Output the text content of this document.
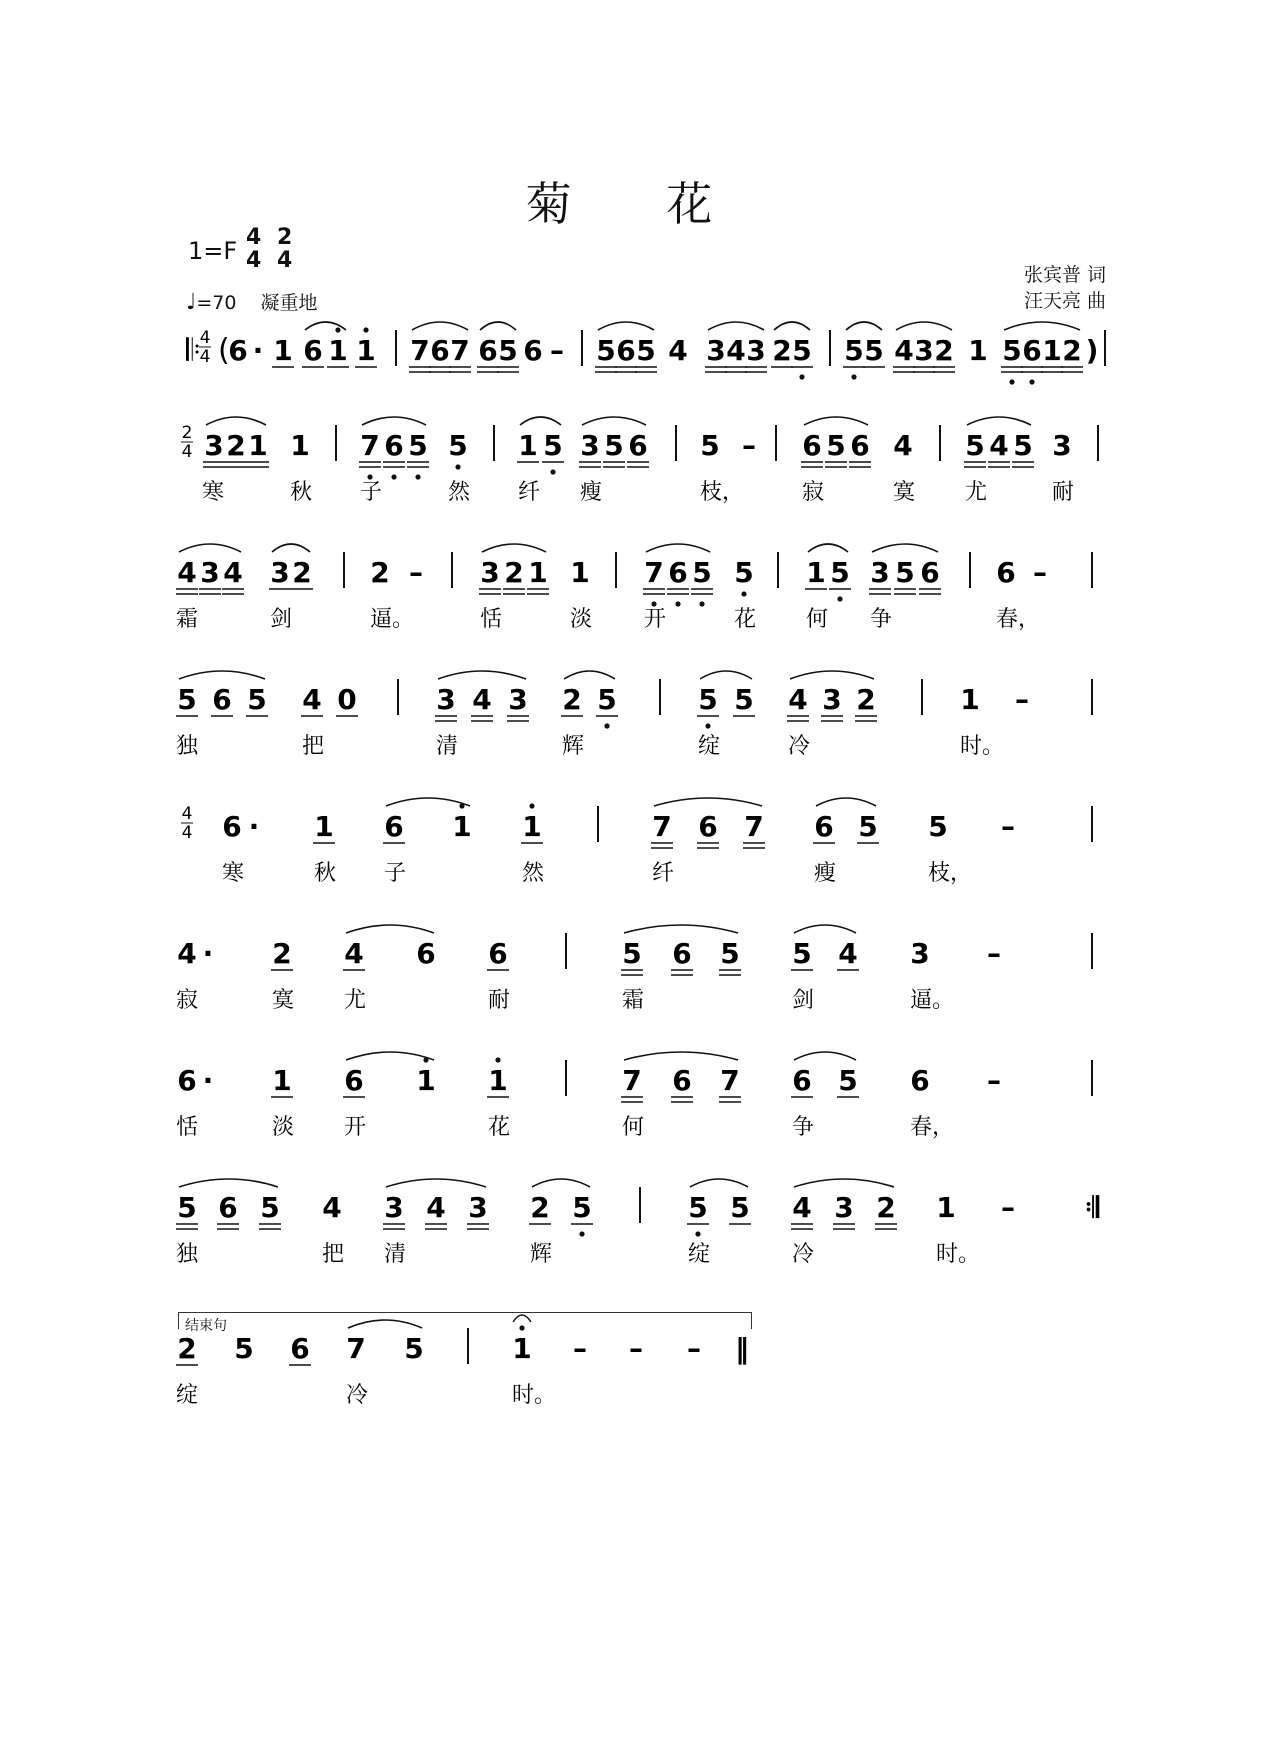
菊 花
1=F 4
4
2
4
♩=70 凝重地
张宾普 词
汪天亮 曲
结束句
𝄆 (
4
4 6 · 1 6 1 1 7 6 7 6 5 6 – 5 6 5 4 3 4 3 2 5 5 5 4 3 2 1 5 6 1 2 )
2
4 3 2 1 1 7 6 5 5 1 5 3 5 6 5 – 6 5 6 4 5 4 5 3
寒	秋 子	然 纤 瘦	枝，	寂	寞 尤	耐
4 3 4 3 2 2 – 3 2 1 1 7 6 5 5 1 5 3 5 6 6 –
霜	剑	逼。	恬	淡 开	花 何 争	春，
5 6 5 4 0	3 4 3 2 5	5 5 4 3 2	1 –
独	把	清	辉	绽	冷	时。
4
4 6 · 1 6 1 1	7 6 7 6 5 5 –
寒	秋 子	然	纤	瘦	枝，
4 · 2 4 6 6	5 6 5 5 4 3 –
寂	寞 尤	耐	霜	剑	逼。
6 · 1 6 1 1	7 6 7 6 5 6 –
恬	淡 开	花	何	争	春，
5 6 5 4 3 4 3 2 5	5 5 4 3 2 1 –	𝄇
独	把 清	辉	绽	冷	时。
2 5 6 7 5	1 – – – ‖
绽	冷	时。
